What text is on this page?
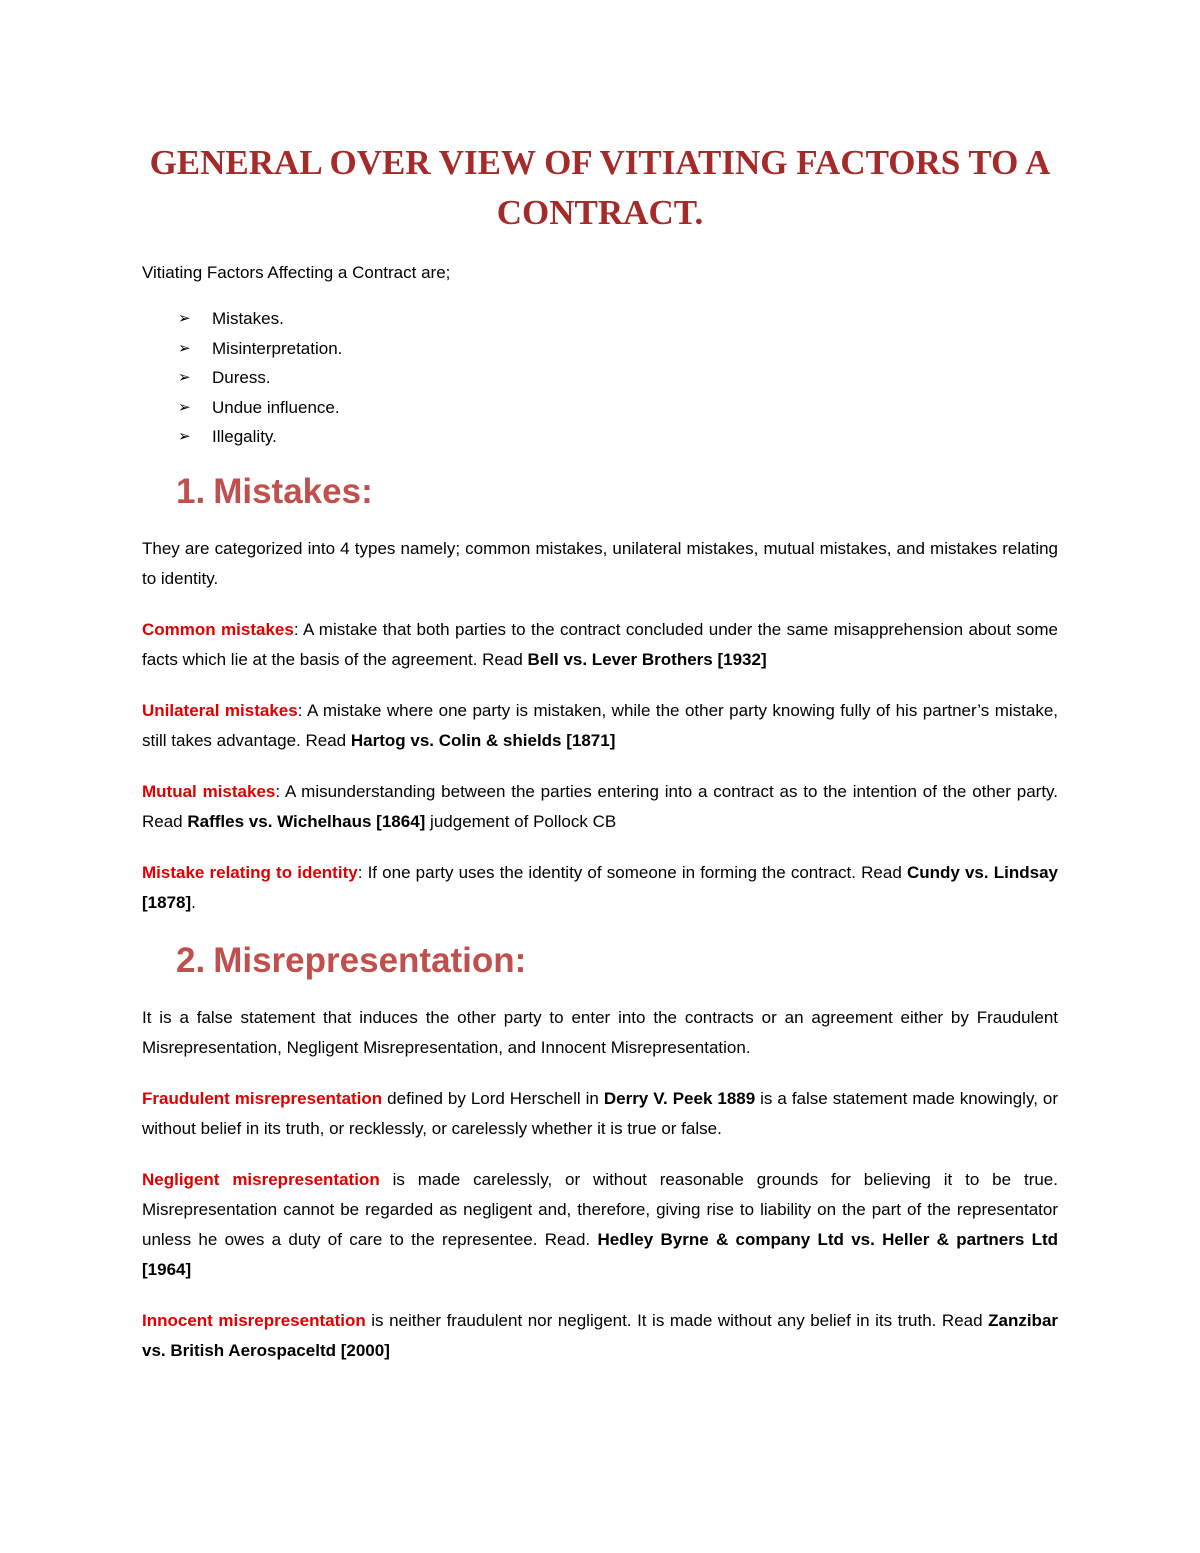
GENERAL OVER VIEW OF VITIATING FACTORS TO A CONTRACT.

Vitiating Factors Affecting a Contract are;

➢	Mistakes.
➢	Misinterpretation.
➢	Duress.
➢	Undue influence.
➢	Illegality.
1. Mistakes:

They are categorized into 4 types namely; common mistakes, unilateral mistakes, mutual mistakes, and mistakes relating to identity.

Common mistakes: A mistake that both parties to the contract concluded under the same misapprehension about some facts which lie at the basis of the agreement. Read Bell vs. Lever Brothers [1932]

Unilateral mistakes: A mistake where one party is mistaken, while the other party knowing fully of his partner’s mistake, still takes advantage. Read Hartog vs. Colin & shields [1871]

Mutual mistakes: A misunderstanding between the parties entering into a contract as to the intention of the other party. Read Raffles vs. Wichelhaus [1864] judgement of Pollock CB

Mistake relating to identity: If one party uses the identity of someone in forming the contract. Read Cundy vs. Lindsay [1878].

2. Misrepresentation:

It is a false statement that induces the other party to enter into the contracts or an agreement either by Fraudulent Misrepresentation, Negligent Misrepresentation, and Innocent Misrepresentation.

Fraudulent misrepresentation defined by Lord Herschell in Derry V. Peek 1889 is a false statement made knowingly, or without belief in its truth, or recklessly, or carelessly whether it is true or false.

Negligent misrepresentation is made carelessly, or without reasonable grounds for believing it to be true. Misrepresentation cannot be regarded as negligent and, therefore, giving rise to liability on the part of the representator unless he owes a duty of care to the representee. Read. Hedley Byrne & company Ltd vs. Heller & partners Ltd [1964]

Innocent misrepresentation is neither fraudulent nor negligent. It is made without any belief in its truth. Read Zanzibar vs. British Aerospaceltd [2000]
